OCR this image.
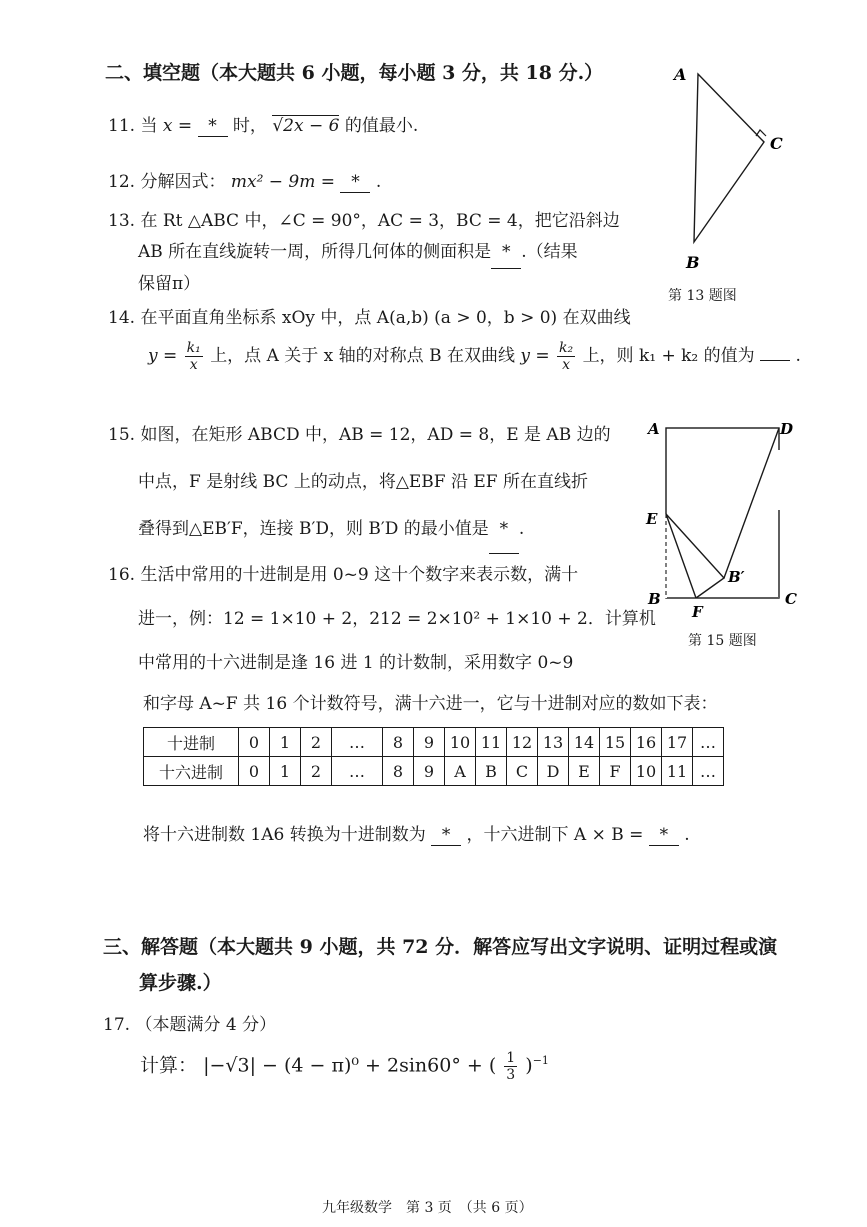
二、填空题（本大题共 6 小题，每小题 3 分，共 18 分.）
11. 当 x = * 时， √2x − 6 的值最小.
12. 分解因式： mx² − 9m = * .
13. 在 Rt △ABC 中，∠C = 90°，AC = 3，BC = 4，把它沿斜边
AB 所在直线旋转一周，所得几何体的侧面积是 * .（结果
保留π）
A
C
B
第 13 题图
14. 在平面直角坐标系 xOy 中，点 A(a,b) (a > 0，b > 0) 在双曲线
$y = \frac{\text{k₁}}{x}$ 上，点 A 关于 x 轴的对称点 B 在双曲线 $y = \frac{\text{k₂}}{x}$ 上，则 k₁ + k₂ 的值为 .
15. 如图，在矩形 ABCD 中，AB = 12，AD = 8，E 是 AB 边的
中点，F 是射线 BC 上的动点，将△EBF 沿 EF 所在直线折
叠得到△EB′F，连接 B′D，则 B′D 的最小值是 * .
A	D
E
B′
B	C
F
第 15 题图
16. 生活中常用的十进制是用 0~9 这十个数字来表示数，满十
进一，例：12 = 1×10 + 2，212 = 2×10² + 1×10 + 2．计算机
中常用的十六进制是逢 16 进 1 的计数制，采用数字 0~9
和字母 A~F 共 16 个计数符号，满十六进一，它与十进制对应的数如下表：
十进制	0	1	2	…	8	9	10	11	12	13	14	15	16	17	…
十六进制	0	1	2	…	8	9	A	B	C	D	E	F	10	11	…
将十六进制数 1A6 转换为十进制数为 * ，十六进制下 A × B = * .
三、解答题（本大题共 9 小题，共 72 分．解答应写出文字说明、证明过程或演
算步骤.）
17. （本题满分 4 分）
计算： |−√3| − (4 − π)⁰ + 2sin60° + ( $\frac{1}{3} )^{-1}$
九年级数学　第 3 页　（共 6 页）
